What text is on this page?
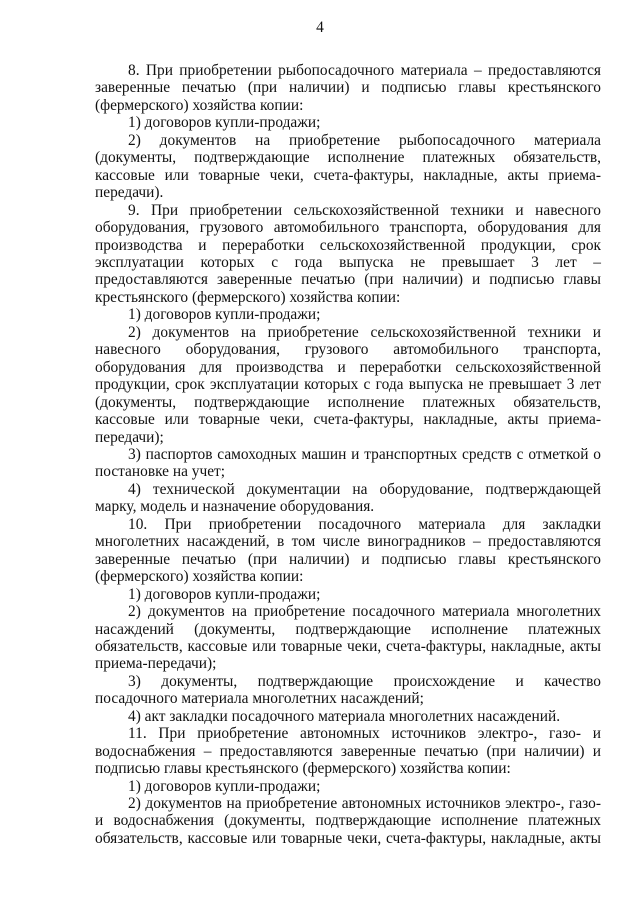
4

8. При приобретении рыбопосадочного материала – предоставляются заверенные печатью (при наличии) и подписью главы крестьянского (фермерского) хозяйства копии:

1) договоров купли-продажи;

2) документов на приобретение рыбопосадочного материала (документы, подтверждающие исполнение платежных обязательств, кассовые или товарные чеки, счета-фактуры, накладные, акты приема-передачи).

9. При приобретении сельскохозяйственной техники и навесного оборудования, грузового автомобильного транспорта, оборудования для производства и переработки сельскохозяйственной продукции, срок эксплуатации которых с года выпуска не превышает 3 лет – предоставляются заверенные печатью (при наличии) и подписью главы крестьянского (фермерского) хозяйства копии:

1) договоров купли-продажи;

2) документов на приобретение сельскохозяйственной техники и навесного оборудования, грузового автомобильного транспорта, оборудования для производства и переработки сельскохозяйственной продукции, срок эксплуатации которых с года выпуска не превышает 3 лет (документы, подтверждающие исполнение платежных обязательств, кассовые или товарные чеки, счета-фактуры, накладные, акты приема-передачи);

3) паспортов самоходных машин и транспортных средств с отметкой о постановке на учет;

4) технической документации на оборудование, подтверждающей марку, модель и назначение оборудования.

10. При приобретении посадочного материала для закладки многолетних насаждений, в том числе виноградников – предоставляются заверенные печатью (при наличии) и подписью главы крестьянского (фермерского) хозяйства копии:

1) договоров купли-продажи;

2) документов на приобретение посадочного материала многолетних насаждений (документы, подтверждающие исполнение платежных обязательств, кассовые или товарные чеки, счета-фактуры, накладные, акты приема-передачи);

3) документы, подтверждающие происхождение и качество посадочного материала многолетних насаждений;

4) акт закладки посадочного материала многолетних насаждений.

11. При приобретение автономных источников электро-, газо- и водоснабжения – предоставляются заверенные печатью (при наличии) и подписью главы крестьянского (фермерского) хозяйства копии:

1) договоров купли-продажи;

2) документов на приобретение автономных источников электро-, газо- и водоснабжения (документы, подтверждающие исполнение платежных обязательств, кассовые или товарные чеки, счета-фактуры, накладные, акты
